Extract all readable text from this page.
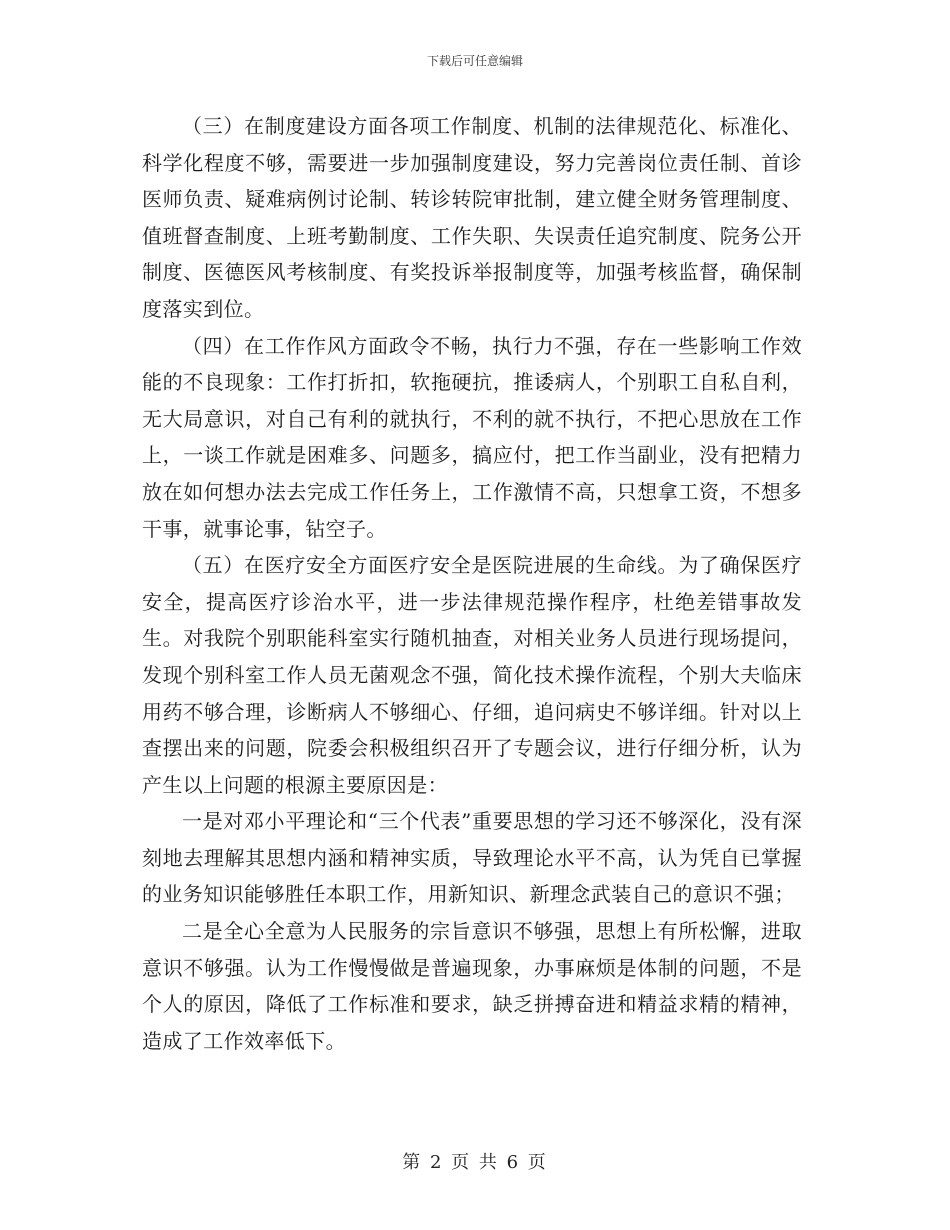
下载后可任意编辑

（三）在制度建设方面各项工作制度、机制的法律规范化、标准化、科学化程度不够，需要进一步加强制度建设，努力完善岗位责任制、首诊医师负责、疑难病例讨论制、转诊转院审批制，建立健全财务管理制度、值班督查制度、上班考勤制度、工作失职、失误责任追究制度、院务公开制度、医德医风考核制度、有奖投诉举报制度等，加强考核监督，确保制度落实到位。

（四）在工作作风方面政令不畅，执行力不强，存在一些影响工作效能的不良现象：工作打折扣，软拖硬抗，推诿病人，个别职工自私自利，无大局意识，对自己有利的就执行，不利的就不执行，不把心思放在工作上，一谈工作就是困难多、问题多，搞应付，把工作当副业，没有把精力放在如何想办法去完成工作任务上，工作激情不高，只想拿工资，不想多干事，就事论事，钻空子。

（五）在医疗安全方面医疗安全是医院进展的生命线。为了确保医疗安全，提高医疗诊治水平，进一步法律规范操作程序，杜绝差错事故发生。对我院个别职能科室实行随机抽查，对相关业务人员进行现场提问，发现个别科室工作人员无菌观念不强，简化技术操作流程，个别大夫临床用药不够合理，诊断病人不够细心、仔细，追问病史不够详细。针对以上查摆出来的问题，院委会积极组织召开了专题会议，进行仔细分析，认为产生以上问题的根源主要原因是：

一是对邓小平理论和“三个代表”重要思想的学习还不够深化，没有深刻地去理解其思想内涵和精神实质，导致理论水平不高，认为凭自已掌握的业务知识能够胜任本职工作，用新知识、新理念武装自己的意识不强；

二是全心全意为人民服务的宗旨意识不够强，思想上有所松懈，进取意识不够强。认为工作慢慢做是普遍现象，办事麻烦是体制的问题，不是个人的原因，降低了工作标准和要求，缺乏拼搏奋进和精益求精的精神，造成了工作效率低下。

第 2 页 共 6 页
